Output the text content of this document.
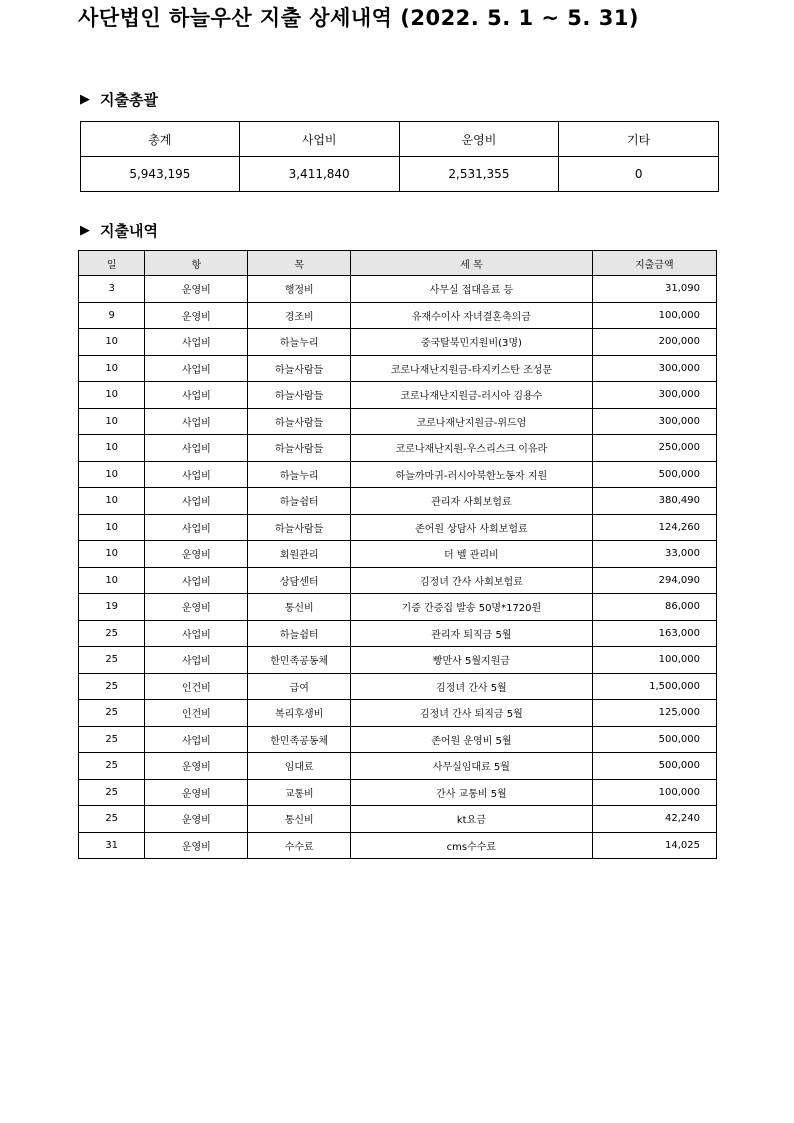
사단법인 하늘우산 지출 상세내역 (2022. 5. 1 ~ 5. 31)
▶ 지출총괄
총계	사업비	운영비	기타
5,943,195	3,411,840	2,531,355	0
▶ 지출내역
일	항	목	세 목	지출금액
3	운영비	행정비	사무실 접대음료 등	31,090
9	운영비	경조비	유재수이사 자녀결혼축의금	100,000
10	사업비	하늘누리	중국탈북민지원비(3명)	200,000
10	사업비	하늘사람들	코로나재난지원금-타지키스탄 조성문	300,000
10	사업비	하늘사람들	코로나재난지원금-러시아 김용수	300,000
10	사업비	하늘사람들	코로나재난지원금-위드엄	300,000
10	사업비	하늘사람들	코로나재난지원-우스리스크 이유라	250,000
10	사업비	하늘누리	하늘까마귀-러시아북한노동자 지원	500,000
10	사업비	하늘쉼터	관리자 사회보험료	380,490
10	사업비	하늘사람들	존어원 상담사 사회보험료	124,260
10	운영비	회원관리	더 벨 관리비	33,000
10	사업비	상담센터	김정녀 간사 사회보험료	294,090
19	운영비	통신비	기증 간증집 발송 50명*1720원	86,000
25	사업비	하늘쉼터	관리자 퇴직금 5월	163,000
25	사업비	한민족공동체	빵만사 5월지원금	100,000
25	인건비	급여	김정녀 간사 5월	1,500,000
25	인건비	복리후생비	김정녀 간사 퇴직금 5월	125,000
25	사업비	한민족공동체	존어원 운영비 5월	500,000
25	운영비	임대료	사무실임대료 5월	500,000
25	운영비	교통비	간사 교통비 5월	100,000
25	운영비	통신비	kt요금	42,240
31	운영비	수수료	cms수수료	14,025
